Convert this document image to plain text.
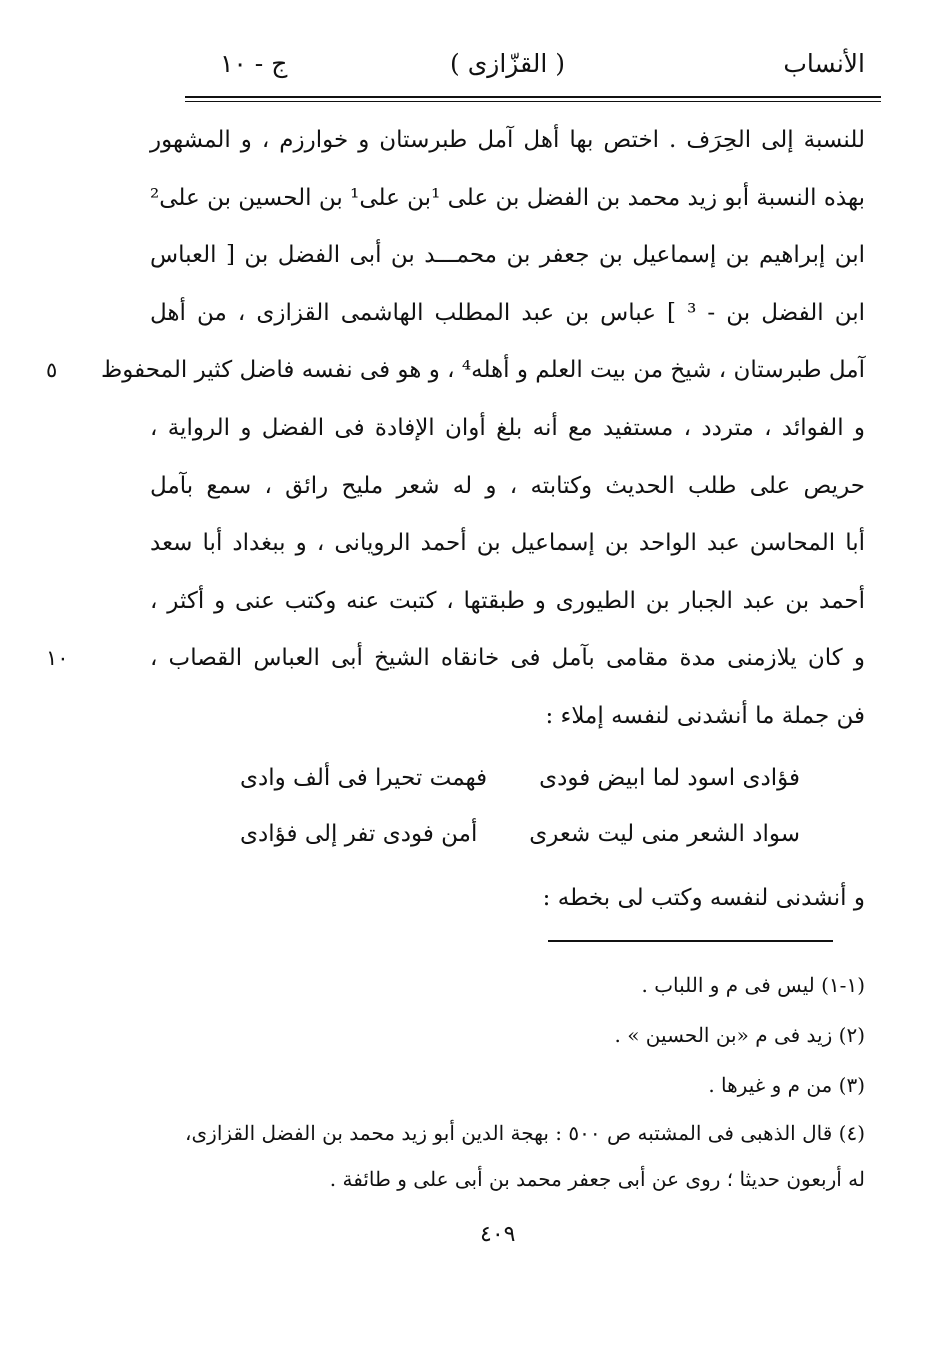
الأنساب
( القزّازى )
ج - ١٠
للنسبة إلى الحِرَف . اختص بها أهل آمل طبرستان و خوارزم ، و المشهور
بهذه النسبة أبو زيد محمد بن الفضل بن على ¹بن على¹ بن الحسين بن على²
ابن إبراهيم بن إسماعيل بن جعفر بن محمـــد بن أبى الفضل بن [ العباس
ابن الفضل بن - ³ ] عباس بن عبد المطلب الهاشمى القزازى ، من أهل
آمل طبرستان ، شيخ من بيت العلم و أهله⁴ ، و هو فى نفسه فاضل كثير المحفوظ
٥
و الفوائد ، متردد ، مستفيد مع أنه بلغ أوان الإفادة فى الفضل و الرواية ،
حريص على طلب الحديث وكتابته ، و له شعر مليح رائق ، سمع بآمل
أبا المحاسن عبد الواحد بن إسماعيل بن أحمد الرويانى ، و ببغداد أبا سعد
أحمد بن عبد الجبار بن الطيورى و طبقتها ، كتبت عنه وكتب عنى و أكثر ،
و كان يلازمنى مدة مقامى بآمل فى خانقاه الشيخ أبى العباس القصاب ،
١٠
فن جملة ما أنشدنى لنفسه إملاء :
فؤادى اسود لما ابيض فودى
فهمت تحيرا فى ألف وادى
سواد الشعر منى ليت شعرى
أمن فودى تفر إلى فؤادى
و أنشدنى لنفسه وكتب لى بخطه :
(١-١) ليس فى م و اللباب .
(٢) زيد فى م «بن الحسين » .
(٣) من م و غيرها .
(٤) قال الذهبى فى المشتبه ص ٥٠٠ : بهجة الدين أبو زيد محمد بن الفضل القزازى،
له أربعون حديثا ؛ روى عن أبى جعفر محمد بن أبى على و طائفة .
٤٠٩
